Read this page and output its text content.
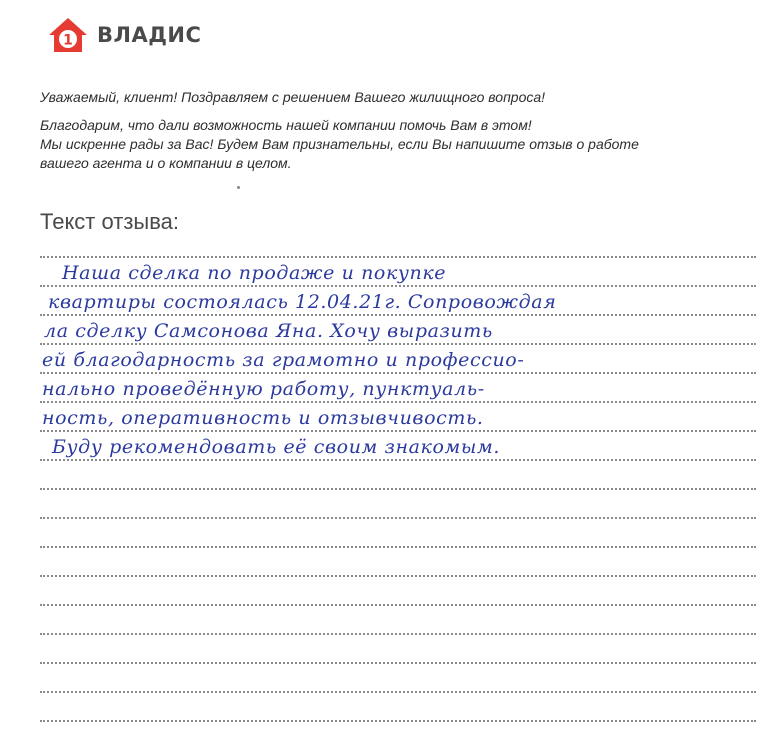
1 ВЛАДИС
Уважаемый, клиент! Поздравляем с решением Вашего жилищного вопроса!
Благодарим, что дали возможность нашей компании помочь Вам в этом!
Мы искренне рады за Вас! Будем Вам признательны, если Вы напишите отзыв о работе
вашего агента и о компании в целом.
Текст отзыва:
Наша сделка по продаже и покупке
квартиры состоялась 12.04.21г. Сопровождая
ла сделку Самсонова Яна. Хочу выразить
ей благодарность за грамотно и профессио-
нально проведённую работу, пунктуаль-
ность, оперативность и отзывчивость.
Буду рекомендовать её своим знакомым.
